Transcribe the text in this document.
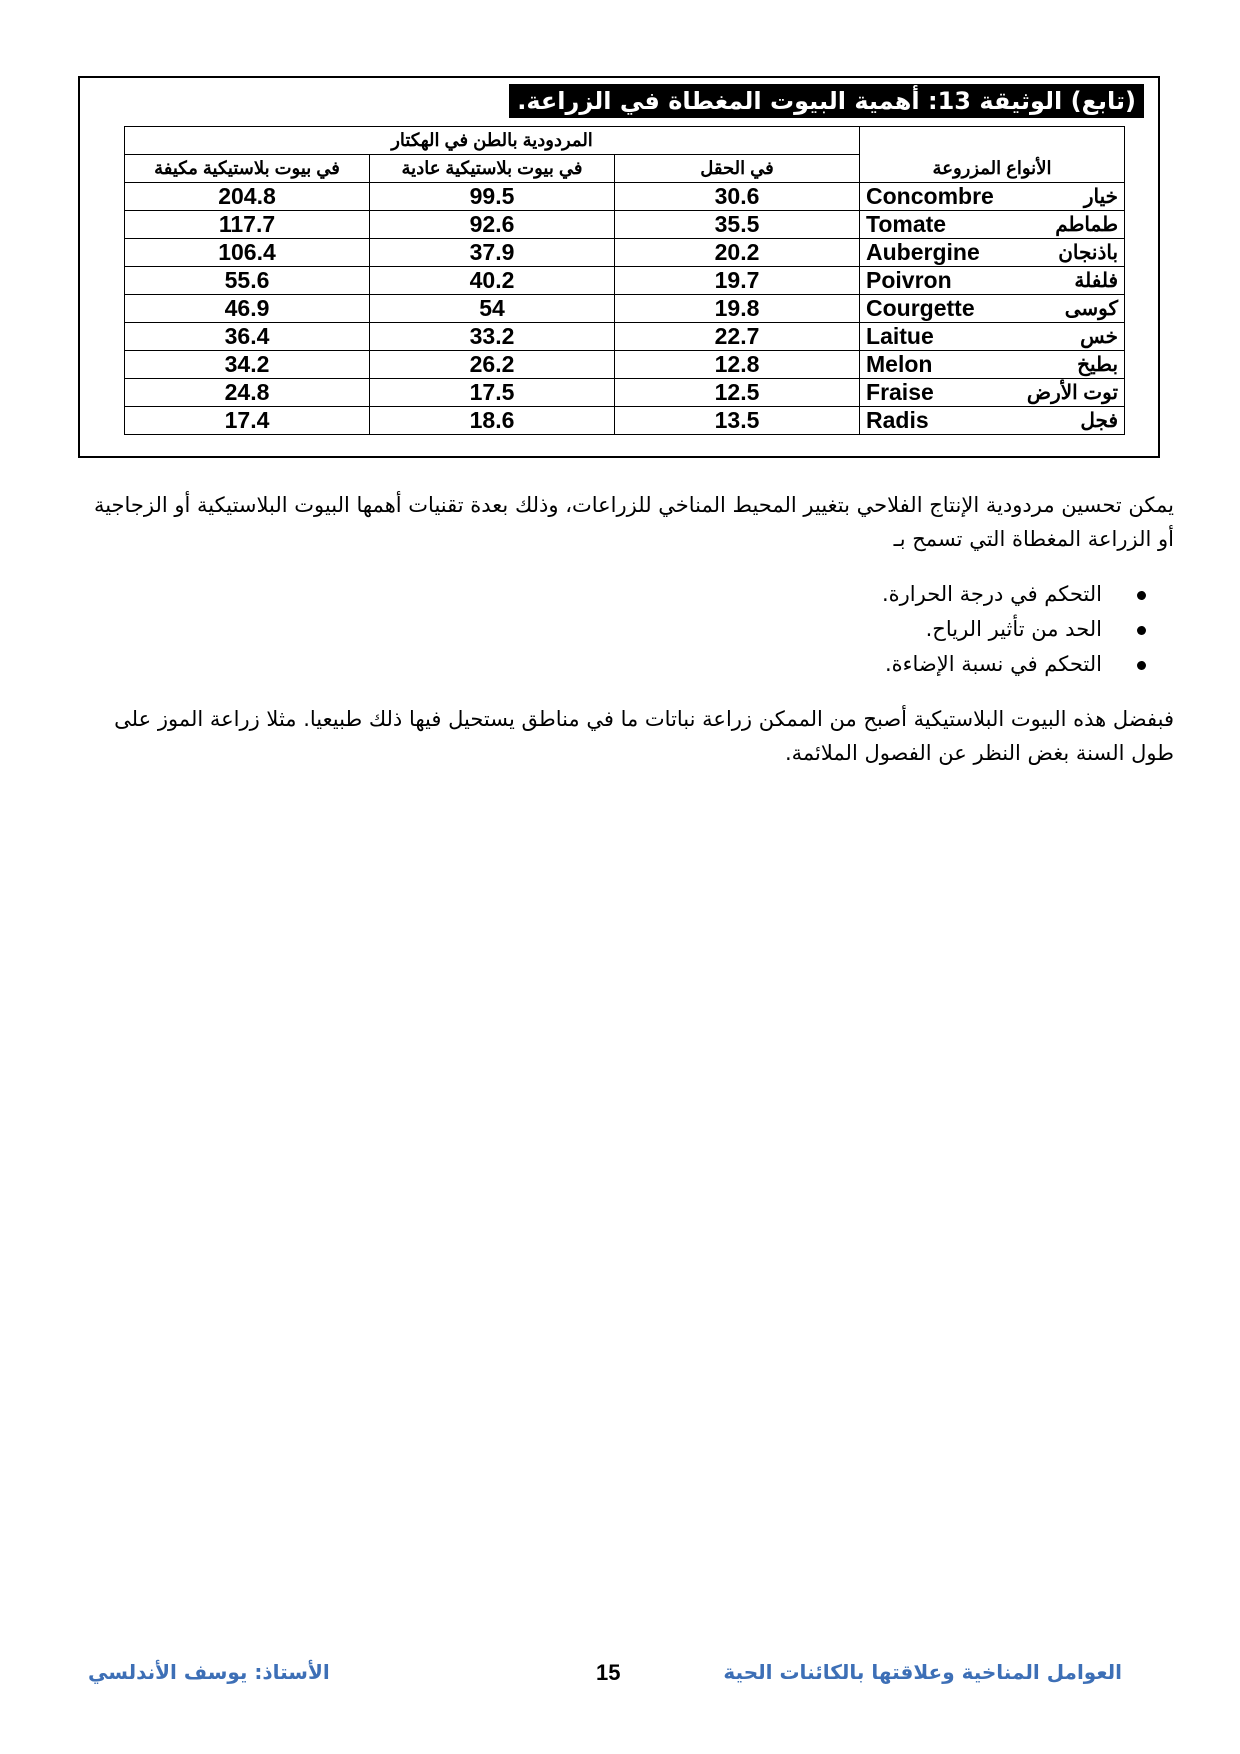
(تابع) الوثيقة 13: أهمية البيوت المغطاة في الزراعة.
المردودية بالطن في الهكتار			
في بيوت بلاستيكية مكيفة	في بيوت بلاستيكية عادية	في الحقل	الأنواع المزروعة
204.8	99.5	30.6	Concombre خيار

117.7	92.6	35.5	Tomate طماطم

106.4	37.9	20.2	Aubergine باذنجان

55.6	40.2	19.7	Poivron فلفلة

46.9	54	19.8	Courgette كوسى

36.4	33.2	22.7	Laitue خس

34.2	26.2	12.8	Melon بطيخ

24.8	17.5	12.5	Fraise توت الأرض

17.4	18.6	13.5	Radis فجل
يمكن تحسين مردودية الإنتاج الفلاحي بتغيير المحيط المناخي للزراعات، وذلك بعدة تقنيات أهمها البيوت البلاستيكية أو الزجاجية أو الزراعة المغطاة التي تسمح بـ
التحكم في درجة الحرارة.
الحد من تأثير الرياح.
التحكم في نسبة الإضاءة.
فبفضل هذه البيوت البلاستيكية أصبح من الممكن زراعة نباتات ما في مناطق يستحيل فيها ذلك طبيعيا. مثلا زراعة الموز على طول السنة بغض النظر عن الفصول الملائمة.
العوامل المناخية وعلاقتها بالكائنات الحية
15
الأستاذ: يوسف الأندلسي
